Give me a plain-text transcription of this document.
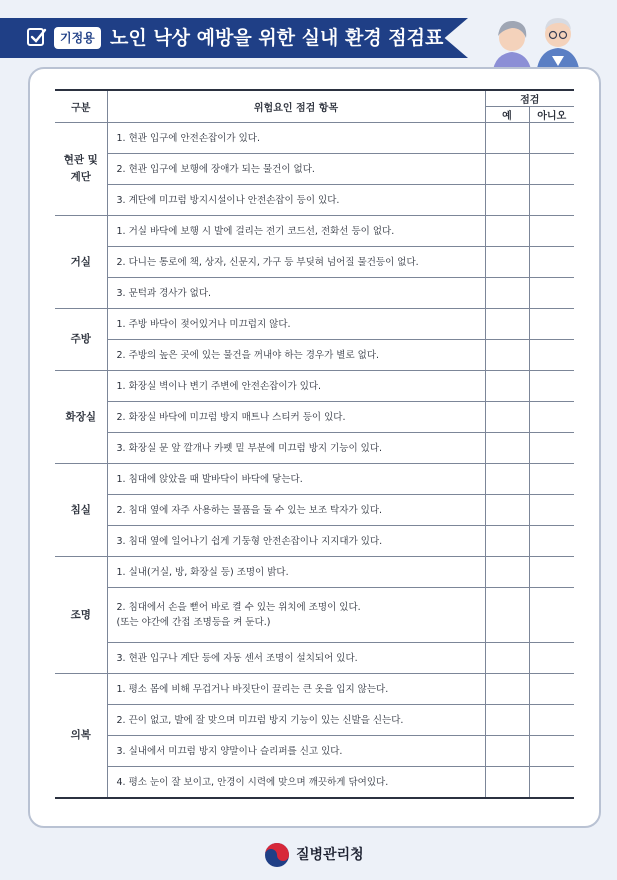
기정용 노인 낙상 예방을 위한 실내 환경 점검표
구분	위험요인 점검 항목	점검	
		예	아니오
현관 및
계단	1. 현관 입구에 안전손잡이가 있다.		
	2. 현관 입구에 보행에 장애가 되는 물건이 없다.		
	3. 계단에 미끄럼 방지시설이나 안전손잡이 등이 있다.		
거실	1. 거실 바닥에 보행 시 발에 걸리는 전기 코드선, 전화선 등이 없다.		
	2. 다니는 통로에 책, 상자, 신문지, 가구 등 부딪혀 넘어질 물건등이 없다.		
	3. 문턱과 경사가 없다.		
주방	1. 주방 바닥이 젖어있거나 미끄럽지 않다.		
	2. 주방의 높은 곳에 있는 물건을 꺼내야 하는 경우가 별로 없다.		
화장실	1. 화장실 벽이나 변기 주변에 안전손잡이가 있다.		
	2. 화장실 바닥에 미끄럼 방지 매트나 스티커 등이 있다.		
	3. 화장실 문 앞 깔개나 카펫 밑 부분에 미끄럼 방지 기능이 있다.		
침실	1. 침대에 앉았을 때 발바닥이 바닥에 닿는다.		
	2. 침대 옆에 자주 사용하는 물품을 둘 수 있는 보조 탁자가 있다.		
	3. 침대 옆에 일어나기 쉽게 기둥형 안전손잡이나 지지대가 있다.		
조명	1. 실내(거실, 방, 화장실 등) 조명이 밝다.		
	2. 침대에서 손을 뻗어 바로 켤 수 있는 위치에 조명이 있다.
(또는 야간에 간접 조명등을 켜 둔다.)		
	3. 현관 입구나 계단 등에 자동 센서 조명이 설치되어 있다.		
의복	1. 평소 몸에 비해 무겁거나 바짓단이 끌리는 큰 옷을 입지 않는다.		
	2. 끈이 없고, 발에 잘 맞으며 미끄럼 방지 기능이 있는 신발을 신는다.		
	3. 실내에서 미끄럼 방지 양말이나 슬리퍼를 신고 있다.		
	4. 평소 눈이 잘 보이고, 안경이 시력에 맞으며 깨끗하게 닦여있다.		
질병관리청
